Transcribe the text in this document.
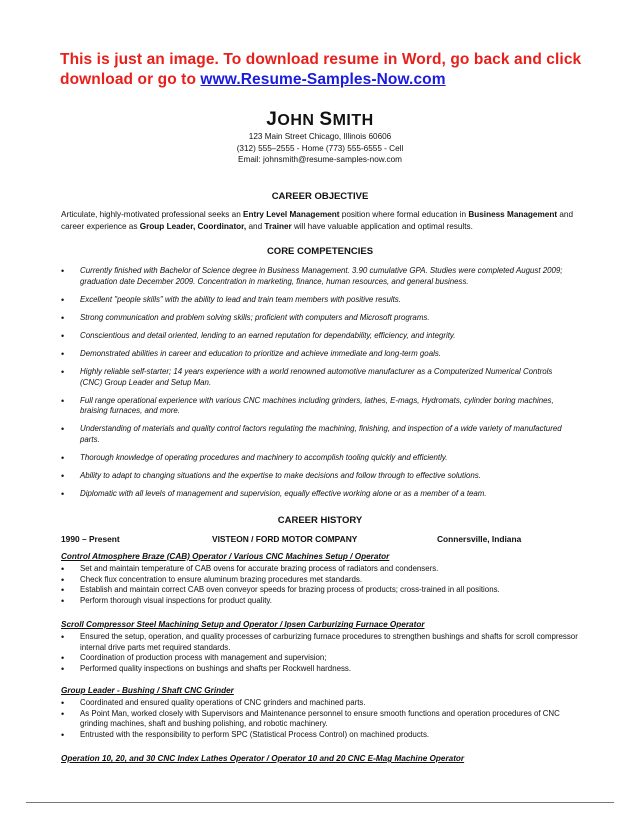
This is just an image. To download resume in Word, go back and click
download or go to www.Resume-Samples-Now.com
JOHN SMITH
123 Main Street Chicago, Illinois 60606
(312) 555–2555 - Home (773) 555-6555 - Cell
Email: johnsmith@resume-samples-now.com
CAREER OBJECTIVE
Articulate, highly-motivated professional seeks an Entry Level Management position where formal education in Business Management and career experience as Group Leader, Coordinator, and Trainer will have valuable application and optimal results.
CORE COMPETENCIES
• Currently finished with Bachelor of Science degree in Business Management. 3.90 cumulative GPA. Studies were completed August 2009; graduation date December 2009. Concentration in marketing, finance, human resources, and general business.
• Excellent "people skills" with the ability to lead and train team members with positive results.
• Strong communication and problem solving skills; proficient with computers and Microsoft programs.
• Conscientious and detail oriented, lending to an earned reputation for dependability, efficiency, and integrity.
• Demonstrated abilities in career and education to prioritize and achieve immediate and long-term goals.
• Highly reliable self-starter; 14 years experience with a world renowned automotive manufacturer as a Computerized Numerical Controls (CNC) Group Leader and Setup Man.
• Full range operational experience with various CNC machines including grinders, lathes, E-mags, Hydromats, cylinder boring machines, braising furnaces, and more.
• Understanding of materials and quality control factors regulating the machining, finishing, and inspection of a wide variety of manufactured parts.
• Thorough knowledge of operating procedures and machinery to accomplish tooling quickly and efficiently.
• Ability to adapt to changing situations and the expertise to make decisions and follow through to effective solutions.
• Diplomatic with all levels of management and supervision, equally effective working alone or as a member of a team.
CAREER HISTORY
1990 – Present	VISTEON / FORD MOTOR COMPANY	Connersville, Indiana
Control Atmosphere Braze (CAB) Operator / Various CNC Machines Setup / Operator
• Set and maintain temperature of CAB ovens for accurate brazing process of radiators and condensers.
• Check flux concentration to ensure aluminum brazing procedures met standards.
• Establish and maintain correct CAB oven conveyor speeds for brazing process of products; cross-trained in all positions.
• Perform thorough visual inspections for product quality.
Scroll Compressor Steel Machining Setup and Operator / Ipsen Carburizing Furnace Operator
• Ensured the setup, operation, and quality processes of carburizing furnace procedures to strengthen bushings and shafts for scroll compressor internal drive parts met required standards.
• Coordination of production process with management and supervision;
• Performed quality inspections on bushings and shafts per Rockwell hardness.
Group Leader - Bushing / Shaft CNC Grinder
• Coordinated and ensured quality operations of CNC grinders and machined parts.
• As Point Man, worked closely with Supervisors and Maintenance personnel to ensure smooth functions and operation procedures of CNC grinding machines, shaft and bushing polishing, and robotic machinery.
• Entrusted with the responsibility to perform SPC (Statistical Process Control) on machined products.
Operation 10, 20, and 30 CNC Index Lathes Operator / Operator 10 and 20 CNC E-Mag Machine Operator
